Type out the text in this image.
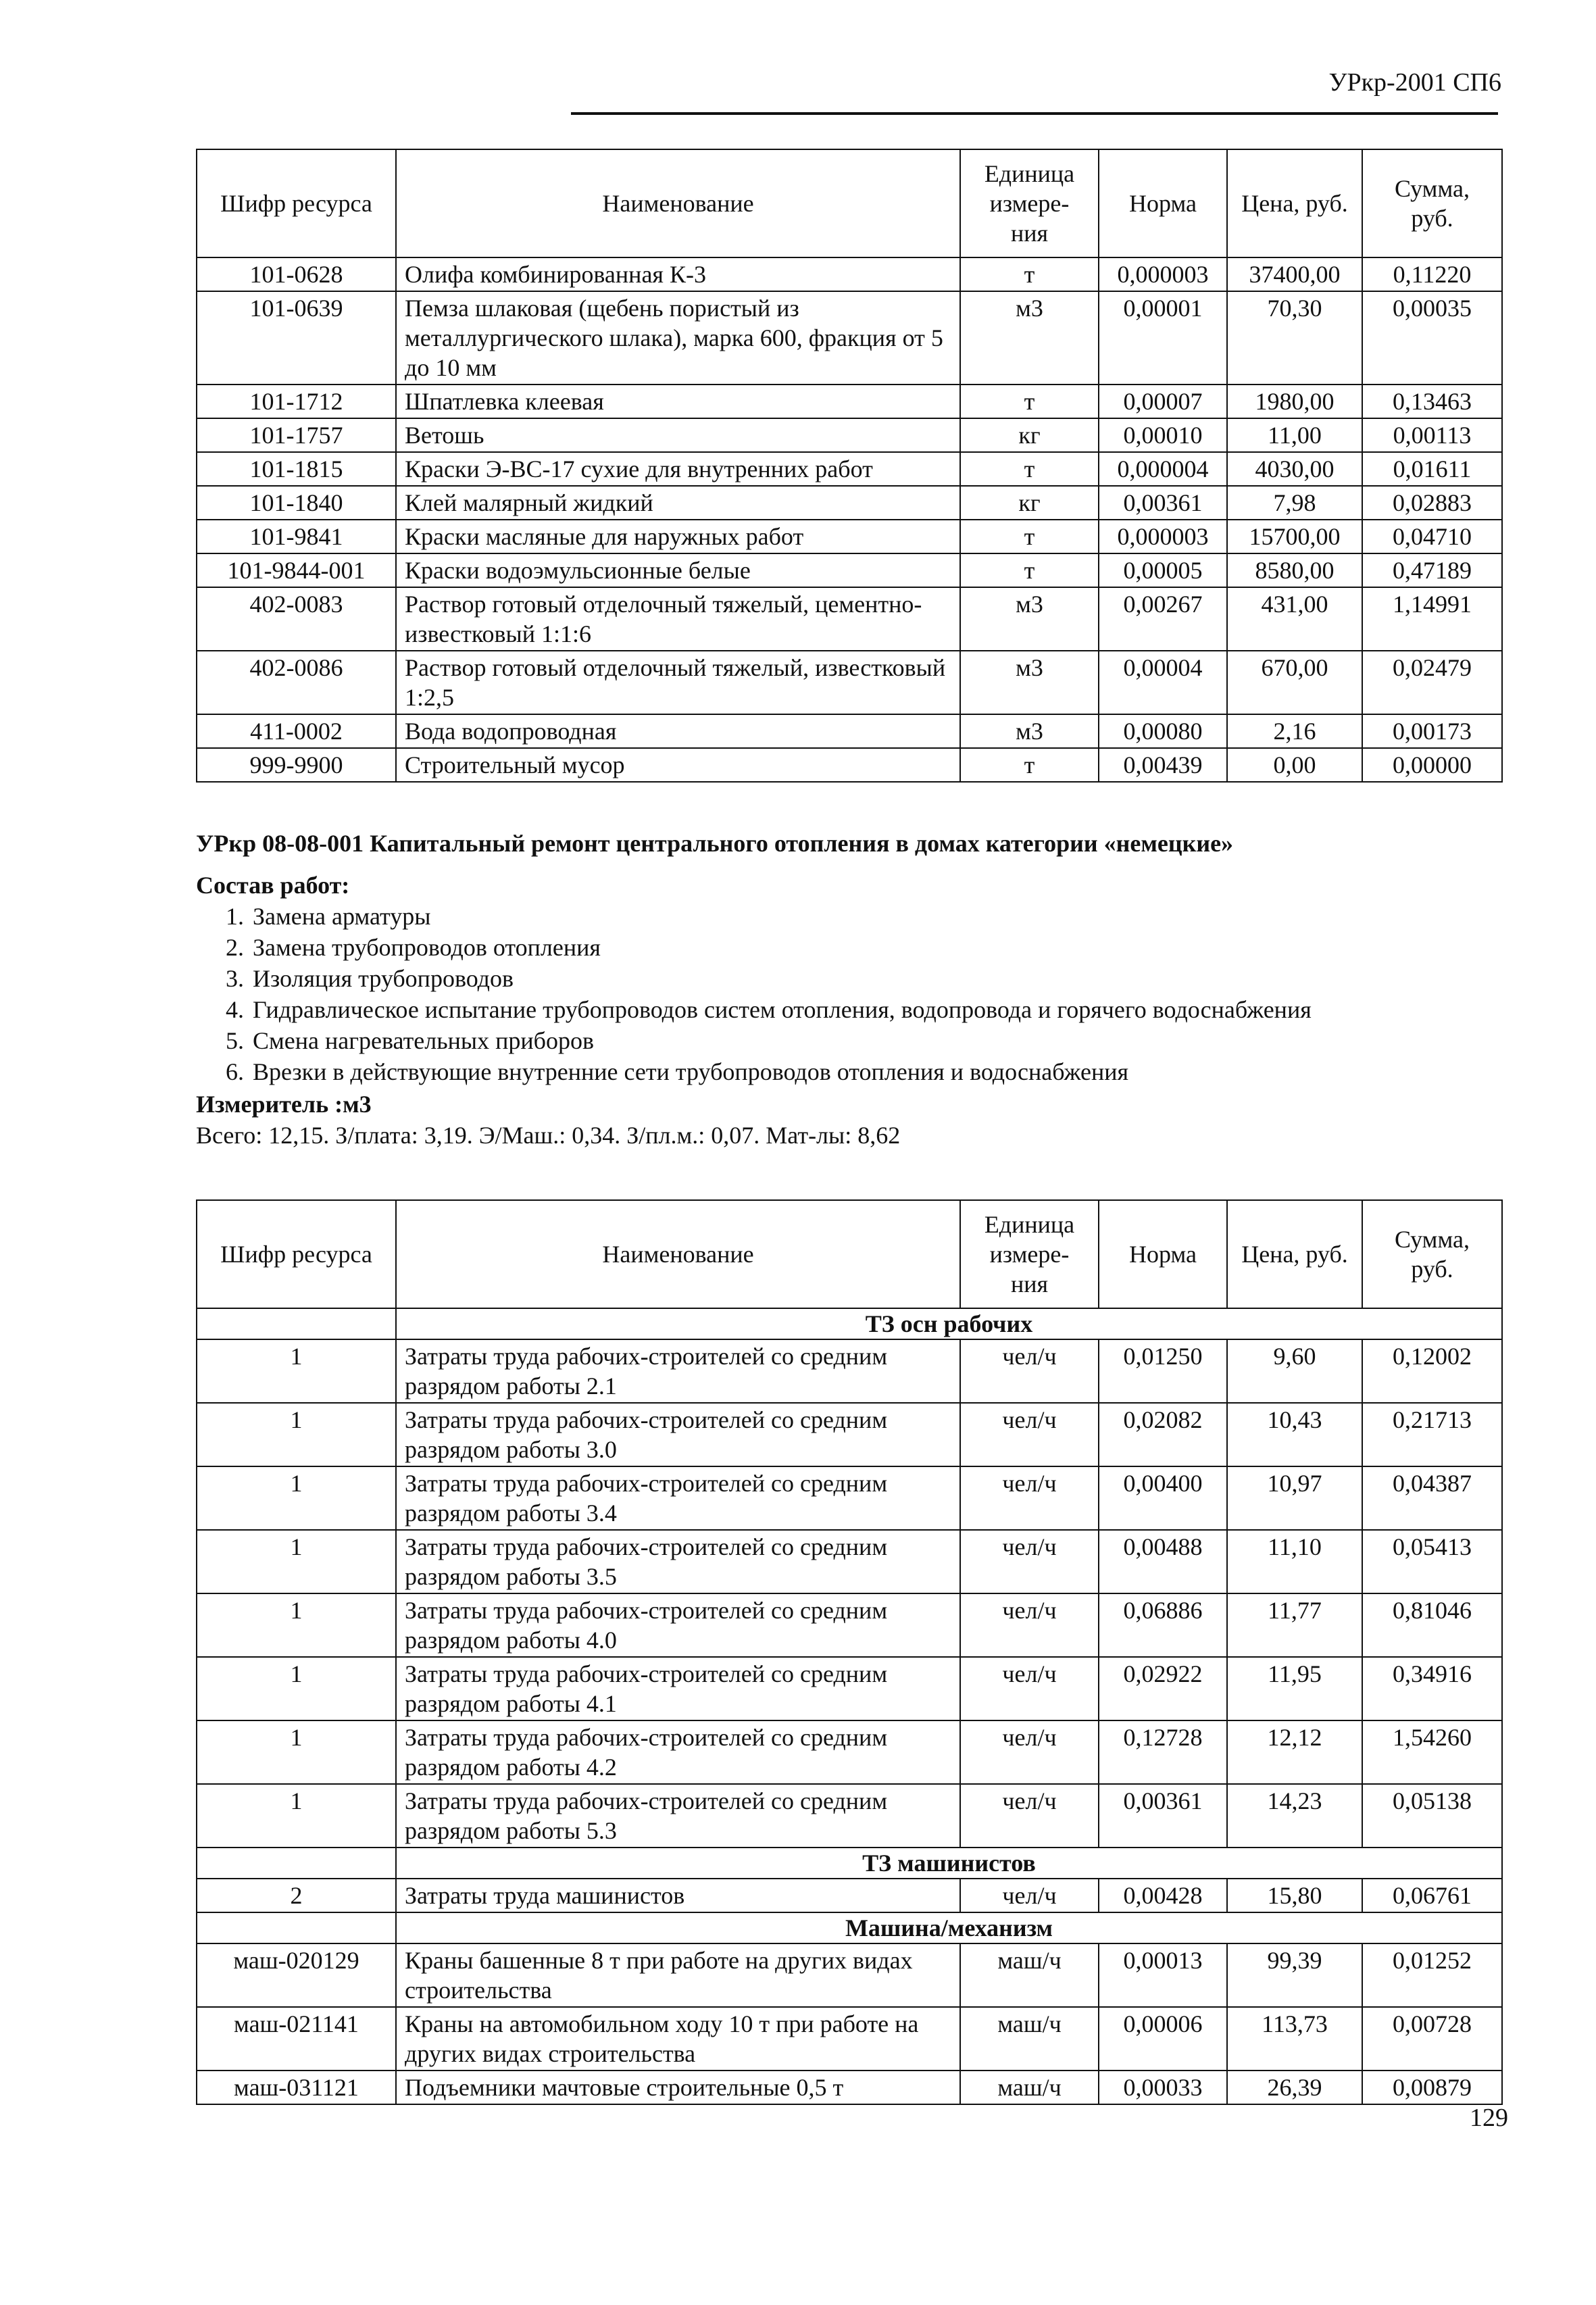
УРкр-2001 СП6
Шифр ресурса	Наименование	Единица измере- ния	Норма	Цена, руб.	Сумма, руб.
101-0628	Олифа комбинированная К-3	т	0,000003	37400,00	0,11220
101-0639	Пемза шлаковая (щебень пористый из металлургического шлака), марка 600, фракция от 5 до 10 мм	м3	0,00001	70,30	0,00035
101-1712	Шпатлевка клеевая	т	0,00007	1980,00	0,13463
101-1757	Ветошь	кг	0,00010	11,00	0,00113
101-1815	Краски Э-ВС-17 сухие для внутренних работ	т	0,000004	4030,00	0,01611
101-1840	Клей малярный жидкий	кг	0,00361	7,98	0,02883
101-9841	Краски масляные для наружных работ	т	0,000003	15700,00	0,04710
101-9844-001	Краски водоэмульсионные белые	т	0,00005	8580,00	0,47189
402-0083	Раствор готовый отделочный тяжелый, цементно-известковый 1:1:6	м3	0,00267	431,00	1,14991
402-0086	Раствор готовый отделочный тяжелый, известковый 1:2,5	м3	0,00004	670,00	0,02479
411-0002	Вода водопроводная	м3	0,00080	2,16	0,00173
999-9900	Строительный мусор	т	0,00439	0,00	0,00000
УРкр 08-08-001 Капитальный ремонт центрального отопления в домах категории «немецкие»
Состав работ:
1. Замена арматуры
2. Замена трубопроводов отопления
3. Изоляция трубопроводов
4. Гидравлическое испытание трубопроводов систем отопления, водопровода и горячего водоснабжения
5. Смена нагревательных приборов
6. Врезки в действующие внутренние сети трубопроводов отопления и водоснабжения
Измеритель :м3
Всего: 12,15. З/плата: 3,19. Э/Маш.: 0,34. З/пл.м.: 0,07. Мат-лы: 8,62
Шифр ресурса	Наименование	Единица измере- ния	Норма	Цена, руб.	Сумма, руб.
	ТЗ осн рабочих				
1	Затраты труда рабочих-строителей со средним разрядом работы 2.1	чел/ч	0,01250	9,60	0,12002
1	Затраты труда рабочих-строителей со средним разрядом работы 3.0	чел/ч	0,02082	10,43	0,21713
1	Затраты труда рабочих-строителей со средним разрядом работы 3.4	чел/ч	0,00400	10,97	0,04387
1	Затраты труда рабочих-строителей со средним разрядом работы 3.5	чел/ч	0,00488	11,10	0,05413
1	Затраты труда рабочих-строителей со средним разрядом работы 4.0	чел/ч	0,06886	11,77	0,81046
1	Затраты труда рабочих-строителей со средним разрядом работы 4.1	чел/ч	0,02922	11,95	0,34916
1	Затраты труда рабочих-строителей со средним разрядом работы 4.2	чел/ч	0,12728	12,12	1,54260
1	Затраты труда рабочих-строителей со средним разрядом работы 5.3	чел/ч	0,00361	14,23	0,05138
	ТЗ машинистов				
2	Затраты труда машинистов	чел/ч	0,00428	15,80	0,06761
	Машина/механизм				
маш-020129	Краны башенные 8 т при работе на других видах строительства	маш/ч	0,00013	99,39	0,01252
маш-021141	Краны на автомобильном ходу 10 т при работе на других видах строительства	маш/ч	0,00006	113,73	0,00728
маш-031121	Подъемники мачтовые строительные 0,5 т	маш/ч	0,00033	26,39	0,00879
129
